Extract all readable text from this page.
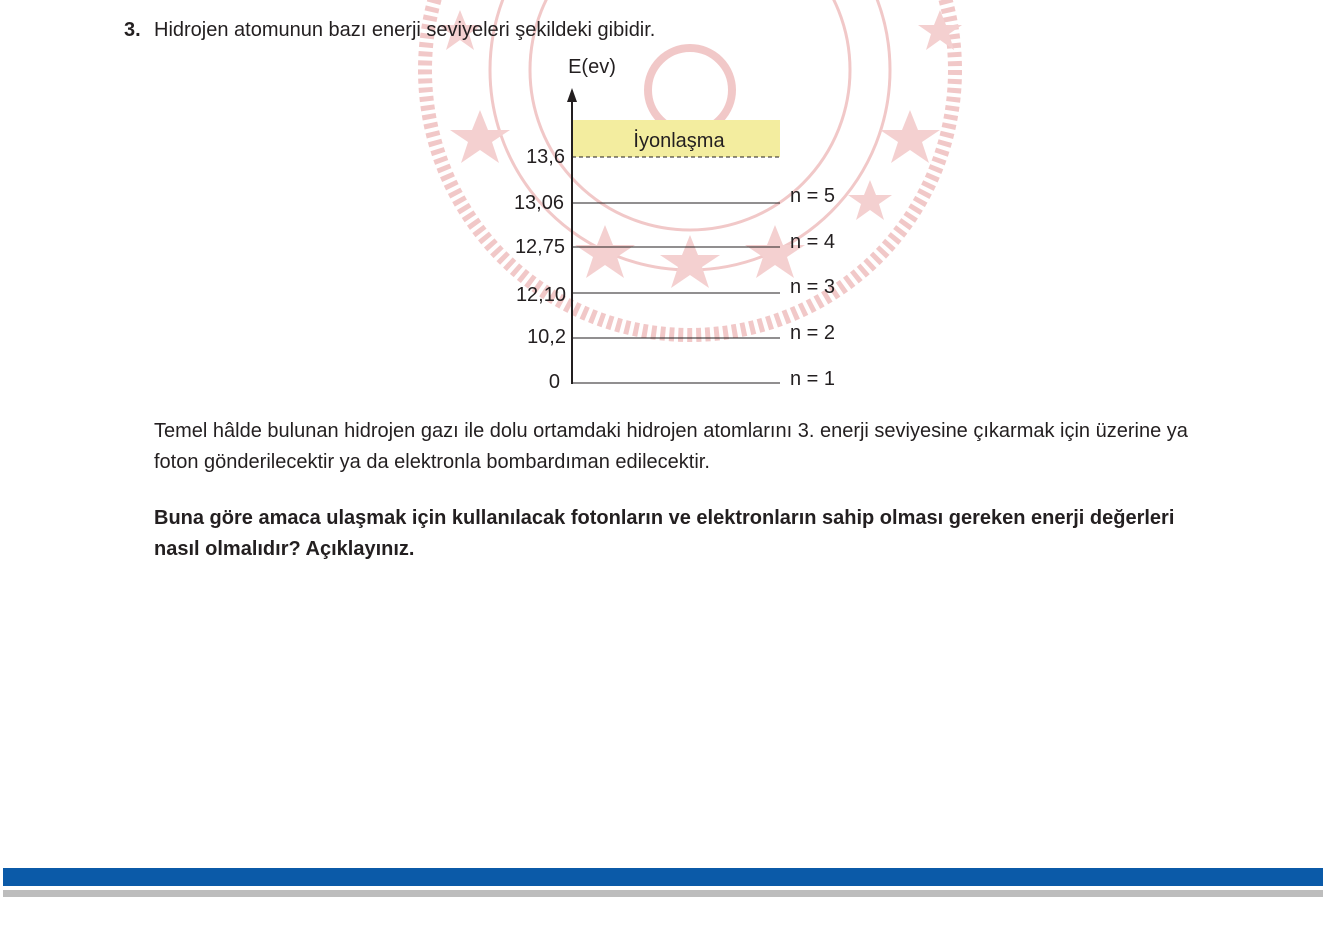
3. Hidrojen atomunun bazı enerji seviyeleri şekildeki gibidir.
İyonlaşma
13,6
E(ev)
13,06	n = 5
12,75	n = 4
12,10	n = 3
10,2	n = 2
0	n = 1
Temel hâlde bulunan hidrojen gazı ile dolu ortamdaki hidrojen atomlarını 3. enerji seviyesine çıkarmak için üzerine ya foton gönderilecektir ya da elektronla bombardıman edilecektir.
Buna göre amaca ulaşmak için kullanılacak fotonların ve elektronların sahip olması gereken enerji değerleri nasıl olmalıdır? Açıklayınız.
